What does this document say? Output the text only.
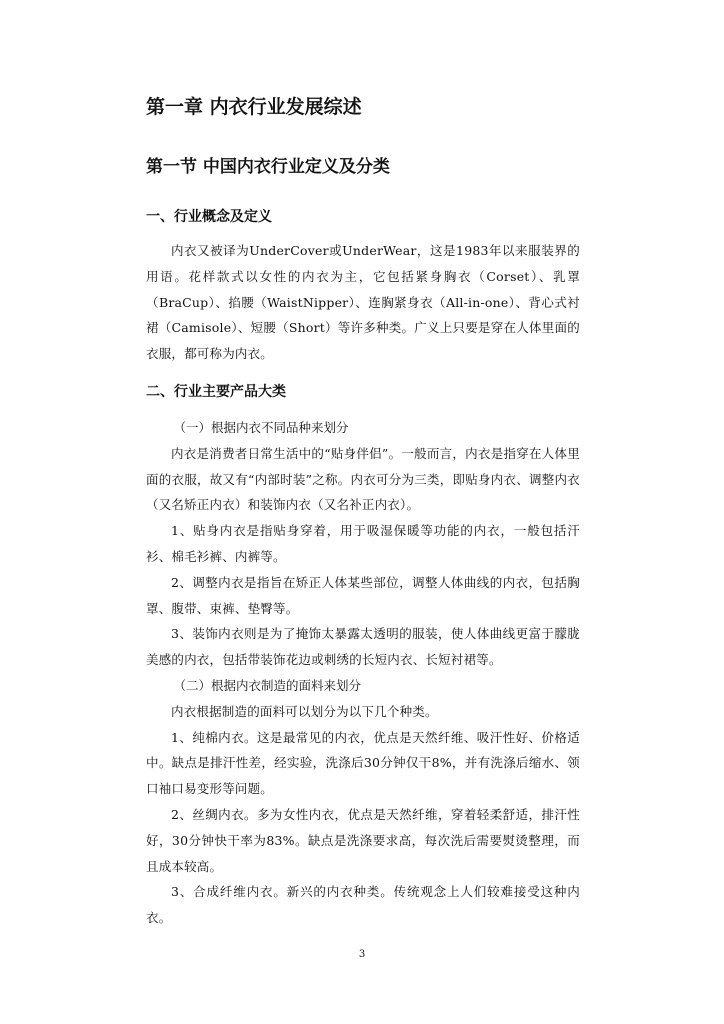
第一章 内衣行业发展综述
第一节 中国内衣行业定义及分类
一、行业概念及定义

内衣又被译为UnderCover或UnderWear，这是1983年以来服装界的用语。花样款式以女性的内衣为主，它包括紧身胸衣（Corset）、乳罩（BraCup）、掐腰（WaistNipper）、连胸紧身衣（All-in-one）、背心式衬裙（Camisole）、短腰（Short）等许多种类。广义上只要是穿在人体里面的衣服，都可称为内衣。

二、行业主要产品大类

（一）根据内衣不同品种来划分

内衣是消费者日常生活中的“贴身伴侣”。一般而言，内衣是指穿在人体里面的衣服，故又有“内部时装”之称。内衣可分为三类，即贴身内衣、调整内衣（又名矫正内衣）和装饰内衣（又名补正内衣）。

1、贴身内衣是指贴身穿着，用于吸湿保暖等功能的内衣，一般包括汗衫、棉毛衫裤、内裤等。

2、调整内衣是指旨在矫正人体某些部位，调整人体曲线的内衣，包括胸罩、腹带、束裤、垫臀等。

3、装饰内衣则是为了掩饰太暴露太透明的服装，使人体曲线更富于朦胧美感的内衣，包括带装饰花边或刺绣的长短内衣、长短衬裙等。

（二）根据内衣制造的面料来划分

内衣根据制造的面料可以划分为以下几个种类。

1、纯棉内衣。这是最常见的内衣，优点是天然纤维、吸汗性好、价格适中。缺点是排汗性差，经实验，洗涤后30分钟仅干8%，并有洗涤后缩水、领口袖口易变形等问题。

2、丝绸内衣。多为女性内衣，优点是天然纤维，穿着轻柔舒适，排汗性好，30分钟快干率为83%。缺点是洗涤要求高，每次洗后需要熨烫整理，而且成本较高。

3、合成纤维内衣。新兴的内衣种类。传统观念上人们较难接受这种内衣。

3
